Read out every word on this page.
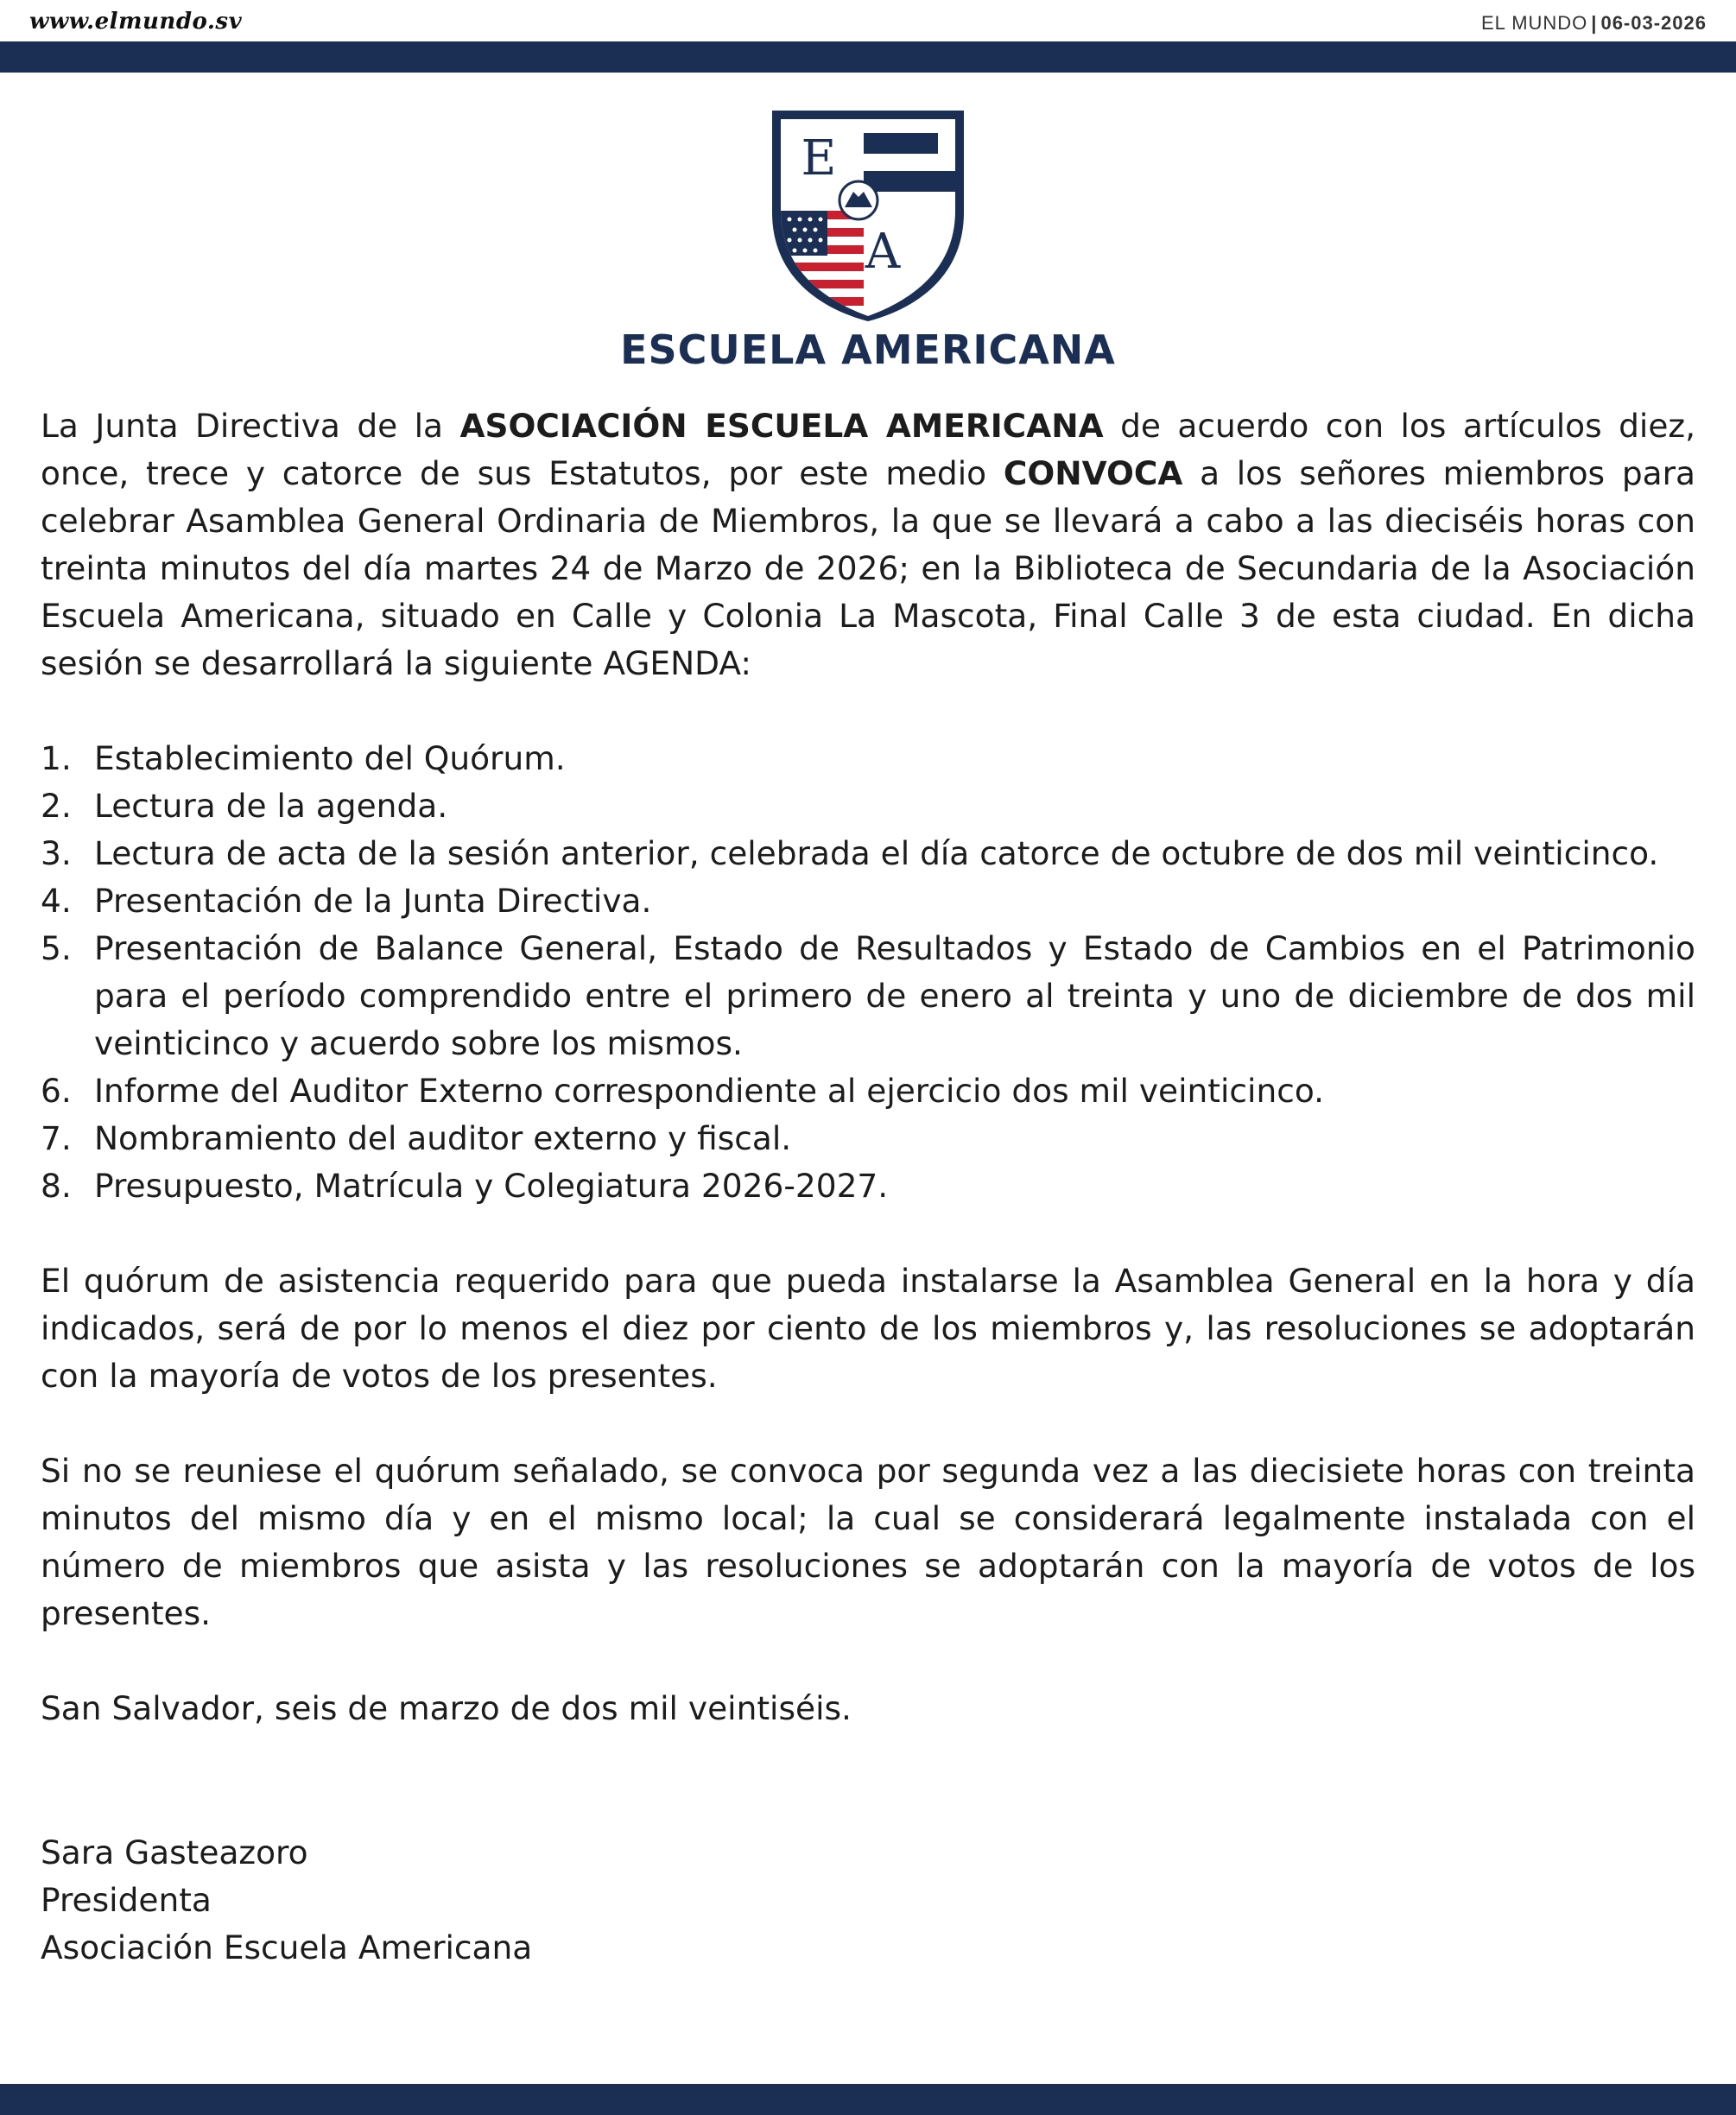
www.elmundo.sv	EL MUNDO | 06-03-2026
E
A
ESCUELA AMERICANA

La Junta Directiva de la ASOCIACIÓN ESCUELA AMERICANA de acuerdo con los artículos diez, once, trece y catorce de sus Estatutos, por este medio CONVOCA a los señores miembros para celebrar Asamblea General Ordinaria de Miembros, la que se llevará a cabo a las dieciséis horas con treinta minutos del día martes 24 de Marzo de 2026; en la Biblioteca de Secundaria de la Asociación Escuela Americana, situado en Calle y Colonia La Mascota, Final Calle 3 de esta ciudad. En dicha sesión se desarrollará la siguiente AGENDA:

1. Establecimiento del Quórum.
2. Lectura de la agenda.
3. Lectura de acta de la sesión anterior, celebrada el día catorce de octubre de dos mil veinticinco.
4. Presentación de la Junta Directiva.
5. Presentación de Balance General, Estado de Resultados y Estado de Cambios en el Patrimonio para el período comprendido entre el primero de enero al treinta y uno de diciembre de dos mil veinticinco y acuerdo sobre los mismos.
6. Informe del Auditor Externo correspondiente al ejercicio dos mil veinticinco.
7. Nombramiento del auditor externo y fiscal.
8. Presupuesto, Matrícula y Colegiatura 2026-2027.

El quórum de asistencia requerido para que pueda instalarse la Asamblea General en la hora y día indicados, será de por lo menos el diez por ciento de los miembros y, las resoluciones se adoptarán con la mayoría de votos de los presentes.

Si no se reuniese el quórum señalado, se convoca por segunda vez a las diecisiete horas con treinta minutos del mismo día y en el mismo local; la cual se considerará legalmente instalada con el número de miembros que asista y las resoluciones se adoptarán con la mayoría de votos de los presentes.

San Salvador, seis de marzo de dos mil veintiséis.

Sara Gasteazoro
Presidenta
Asociación Escuela Americana
